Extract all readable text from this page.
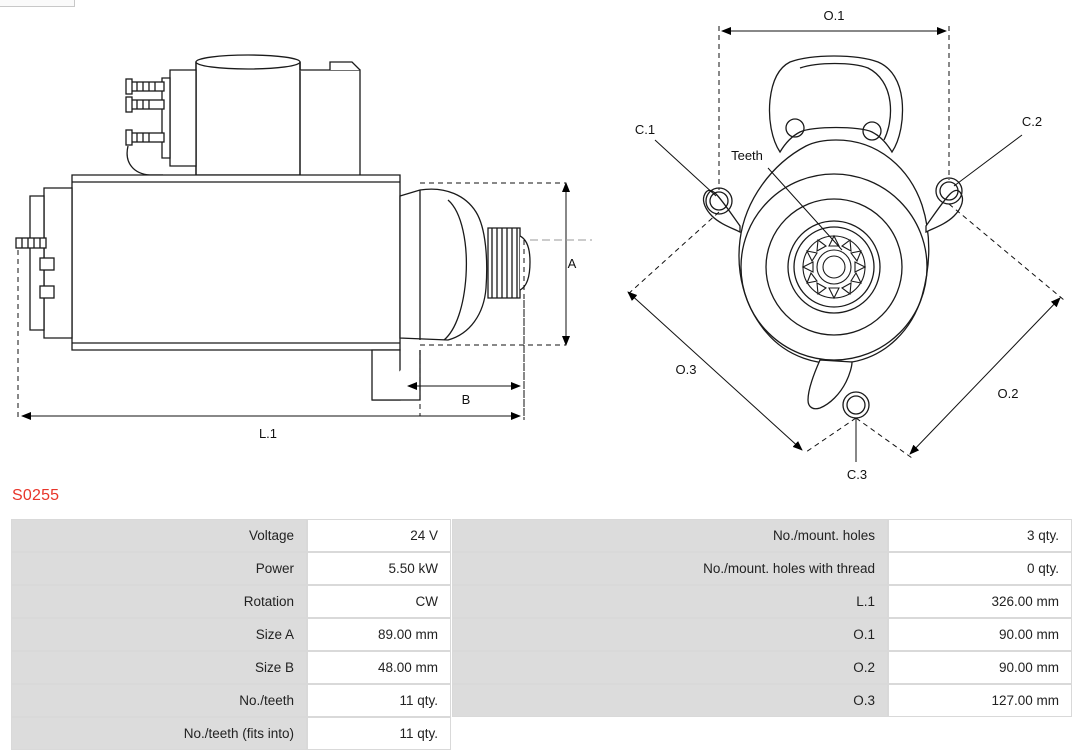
A
B
L.1
O.1
O.3
O.2
C.1
C.2
C.3
Teeth
S0255
Voltage	24 V
Power	5.50 kW
Rotation	CW
Size A	89.00 mm
Size B	48.00 mm
No./teeth	11 qty.
No./teeth (fits into)	11 qty.
No./mount. holes	3 qty.
No./mount. holes with thread	0 qty.
L.1	326.00 mm
O.1	90.00 mm
O.2	90.00 mm
O.3	127.00 mm
